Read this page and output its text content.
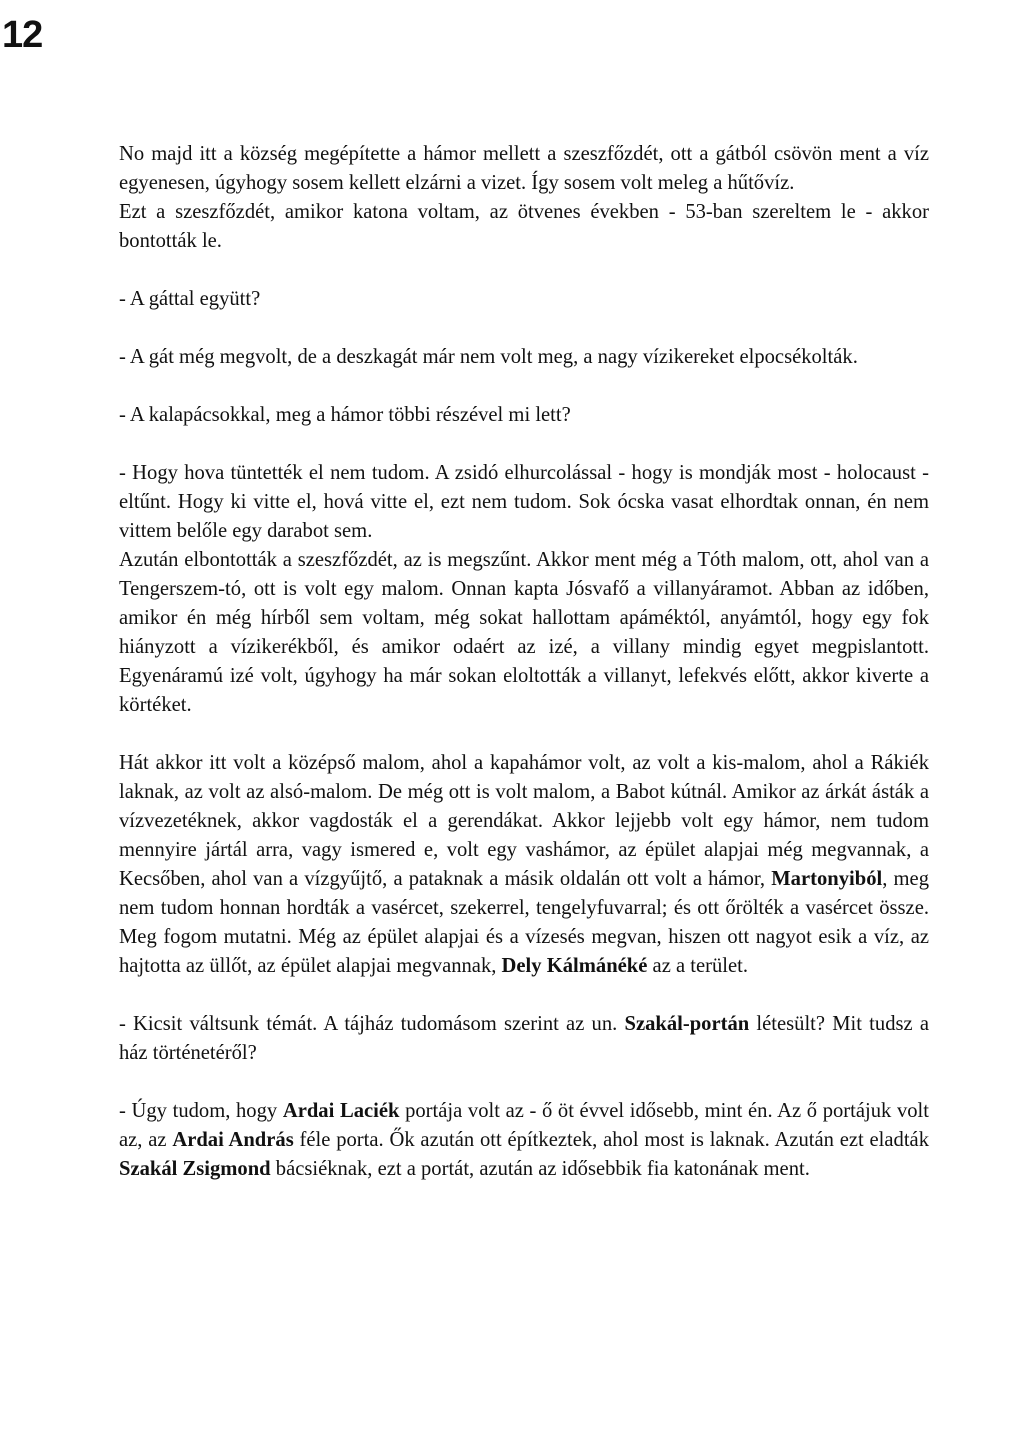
12

No majd itt a község megépítette a hámor mellett a szeszfőzdét, ott a gátból csövön ment a víz egyenesen, úgyhogy sosem kellett elzárni a vizet. Így sosem volt meleg a hűtővíz.

Ezt a szeszfőzdét, amikor katona voltam, az ötvenes években - 53-ban szereltem le - akkor bontották le.

- A gáttal együtt?

- A gát még megvolt, de a deszkagát már nem volt meg, a nagy vízikereket elpocsékolták.

- A kalapácsokkal, meg a hámor többi részével mi lett?

- Hogy hova tüntették el nem tudom. A zsidó elhurcolással - hogy is mondják most - holocaust - eltűnt. Hogy ki vitte el, hová vitte el, ezt nem tudom. Sok ócska vasat elhordtak onnan, én nem vittem belőle egy darabot sem.

Azután elbontották a szeszfőzdét, az is megszűnt. Akkor ment még a Tóth malom, ott, ahol van a Tengerszem-tó, ott is volt egy malom. Onnan kapta Jósvafő a villanyáramot. Abban az időben, amikor én még hírből sem voltam, még sokat hallottam apáméktól, anyámtól, hogy egy fok hiányzott a vízikerékből, és amikor odaért az izé, a villany mindig egyet megpislantott. Egyenáramú izé volt, úgyhogy ha már sokan eloltották a villanyt, lefekvés előtt, akkor kiverte a körtéket.

Hát akkor itt volt a középső malom, ahol a kapahámor volt, az volt a kis-malom, ahol a Rákiék laknak, az volt az alsó-malom. De még ott is volt malom, a Babot kútnál. Amikor az árkát ásták a vízvezetéknek, akkor vagdosták el a gerendákat. Akkor lejjebb volt egy hámor, nem tudom mennyire jártál arra, vagy ismered e, volt egy vashámor, az épület alapjai még megvannak, a Kecsőben, ahol van a vízgyűjtő, a pataknak a másik oldalán ott volt a hámor, Martonyiból, meg nem tudom honnan hordták a vasércet, szekerrel, tengelyfuvarral; és ott őrölték a vasércet össze. Meg fogom mutatni. Még az épület alapjai és a vízesés megvan, hiszen ott nagyot esik a víz, az hajtotta az üllőt, az épület alapjai megvannak, Dely Kálmánéké az a terület.

- Kicsit váltsunk témát. A tájház tudomásom szerint az un. Szakál-portán létesült? Mit tudsz a ház történetéről?

- Úgy tudom, hogy Ardai Laciék portája volt az - ő öt évvel idősebb, mint én. Az ő portájuk volt az, az Ardai András féle porta. Ők azután ott építkeztek, ahol most is laknak. Azután ezt eladták Szakál Zsigmond bácsiéknak, ezt a portát, azután az idősebbik fia katonának ment.
